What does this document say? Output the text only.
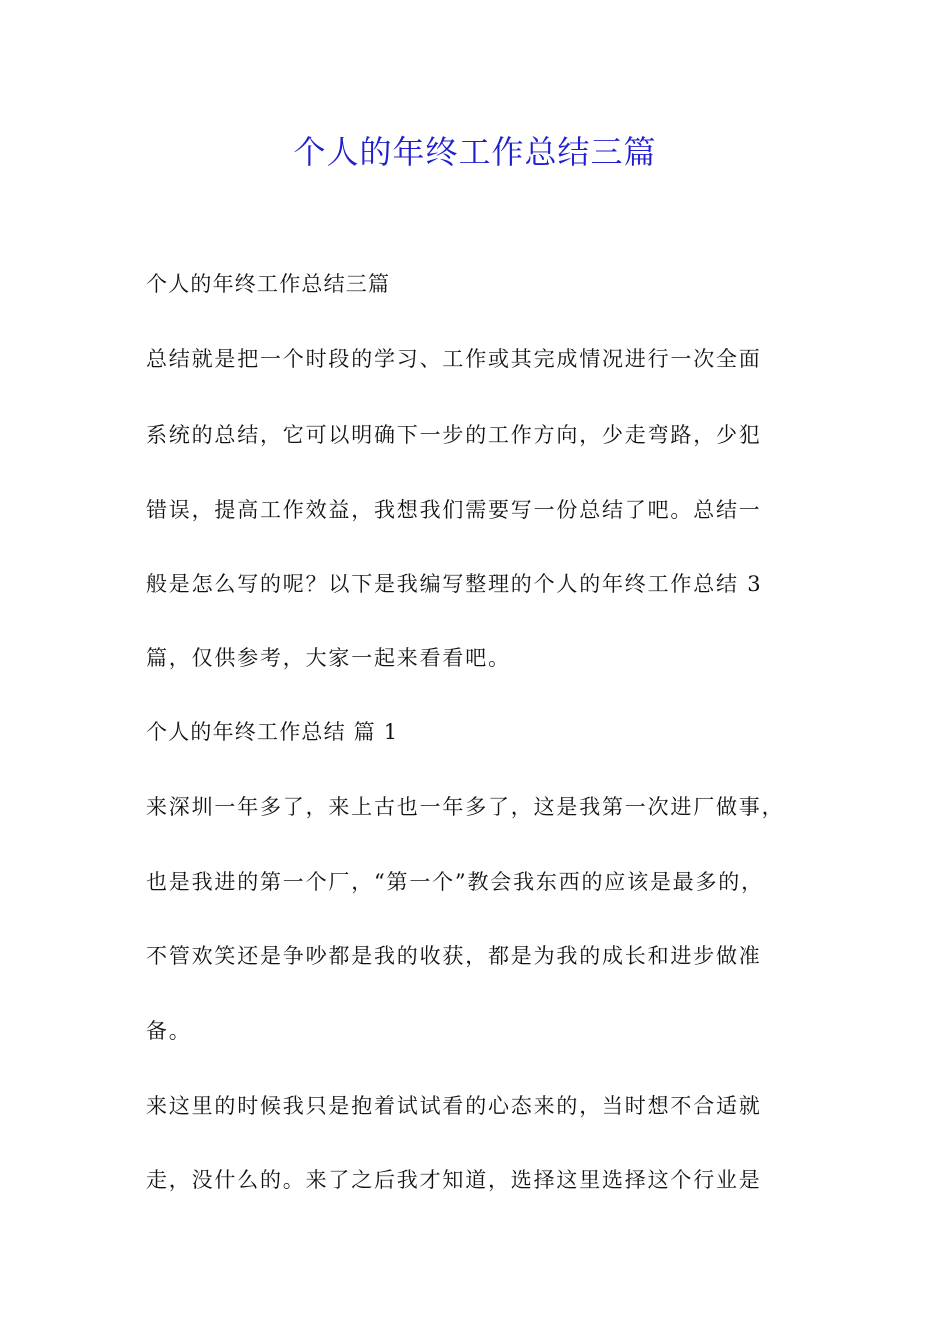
个人的年终工作总结三篇

个人的年终工作总结三篇

总结就是把一个时段的学习、工作或其完成情况进行一次全面

系统的总结，它可以明确下一步的工作方向，少走弯路，少犯

错误，提高工作效益，我想我们需要写一份总结了吧。总结一

般是怎么写的呢？以下是我编写整理的个人的年终工作总结 3

篇，仅供参考，大家一起来看看吧。

个人的年终工作总结 篇 1

来深圳一年多了，来上古也一年多了，这是我第一次进厂做事，

也是我进的第一个厂，“第一个”教会我东西的应该是最多的，

不管欢笑还是争吵都是我的收获，都是为我的成长和进步做准

备。

来这里的时候我只是抱着试试看的心态来的，当时想不合适就

走，没什么的。来了之后我才知道，选择这里选择这个行业是
